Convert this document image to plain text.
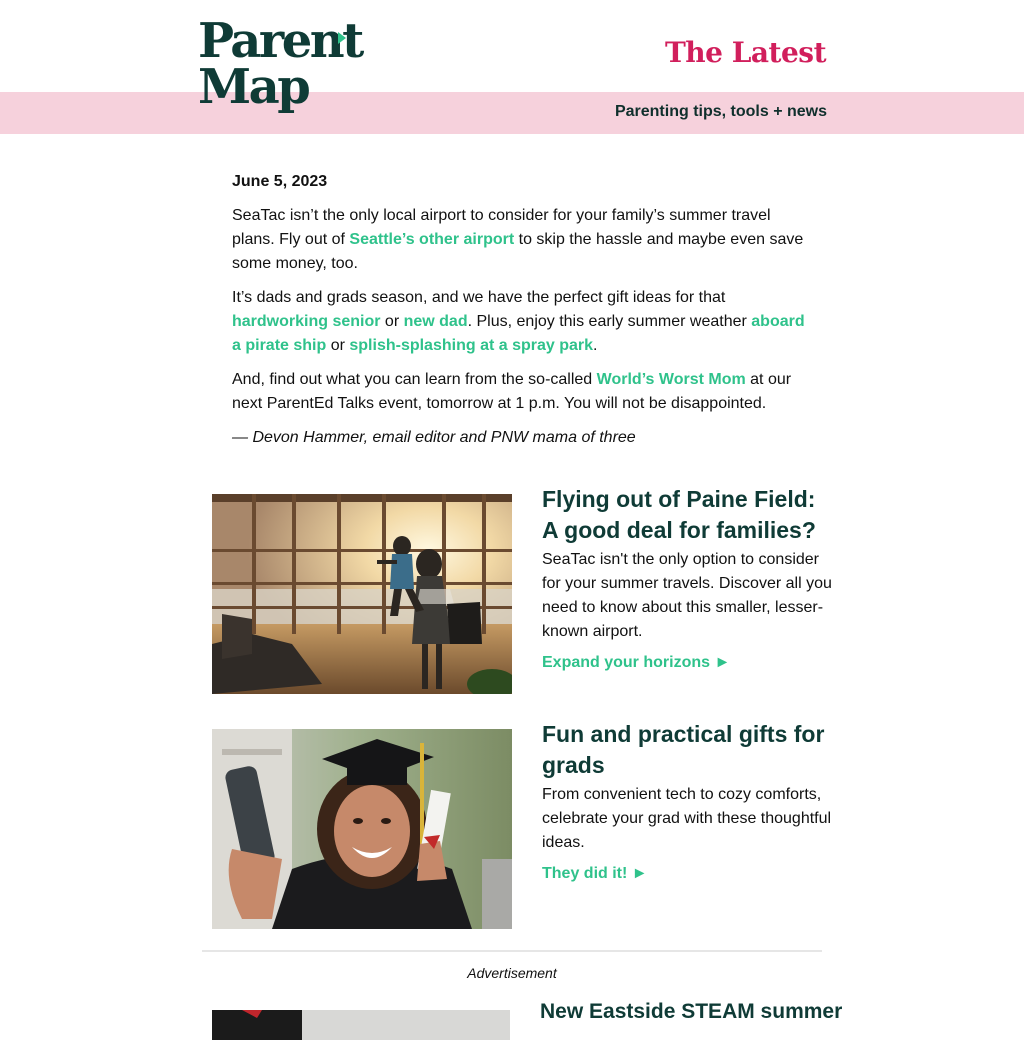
Parent
Map
The Latest
Parenting tips, tools + news

June 5, 2023

SeaTac isn’t the only local airport to consider for your family’s summer travel plans. Fly out of Seattle’s other airport to skip the hassle and maybe even save some money, too.

It’s dads and grads season, and we have the perfect gift ideas for that hardworking senior or new dad. Plus, enjoy this early summer weather aboard a pirate ship or splish-splashing at a spray park.

And, find out what you can learn from the so-called World’s Worst Mom at our next ParentEd Talks event, tomorrow at 1 p.m. You will not be disappointed.

— Devon Hammer, email editor and PNW mama of three

Flying out of Paine Field: A good deal for families?

SeaTac isn't the only option to consider for your summer travels. Discover all you need to know about this smaller, lesser-known airport.

Expand your horizons ►
Fun and practical gifts for grads

From convenient tech to cozy comforts, celebrate your grad with these thoughtful ideas.

They did it! ►
Advertisement
New Eastside STEAM summer
